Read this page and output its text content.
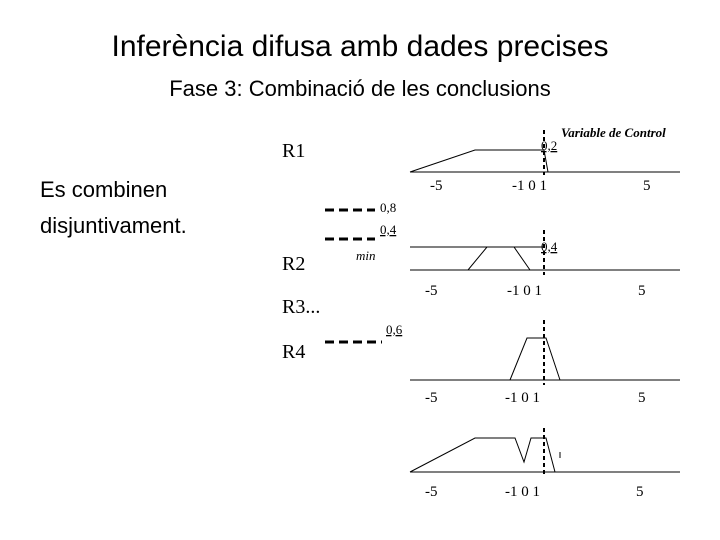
Inferència difusa amb dades precises
Fase 3: Combinació de les conclusions
Es combinen
disjuntivament.
R1
R2
R3...
R4
0,8
0,4
0,6
min
0,2
Variable de Control
-5	-1 0 1	5
0,4
-5	-1 0 1	5
-5	-1 0 1	5
-5	-1 0 1	5
